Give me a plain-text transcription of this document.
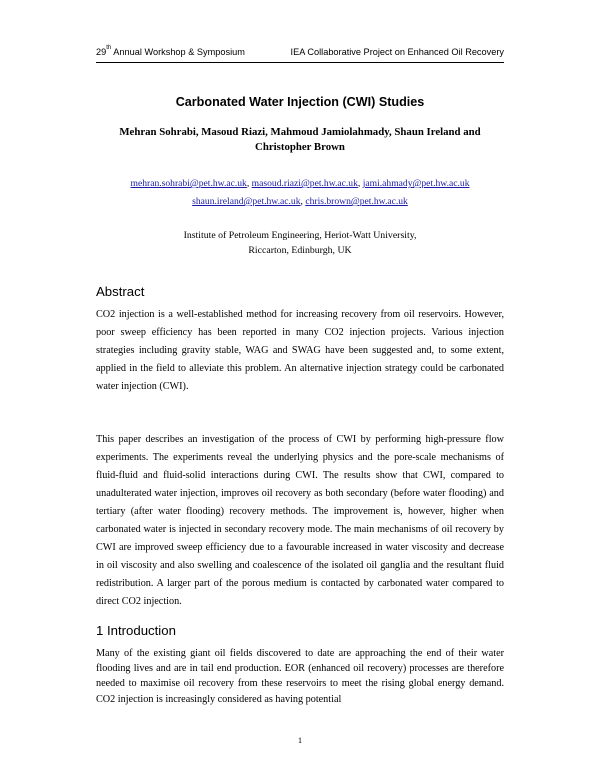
29th Annual Workshop & Symposium	IEA Collaborative Project on Enhanced Oil Recovery
Carbonated Water Injection (CWI) Studies
Mehran Sohrabi, Masoud Riazi, Mahmoud Jamiolahmady, Shaun Ireland and Christopher Brown
mehran.sohrabi@pet.hw.ac.uk, masoud.riazi@pet.hw.ac.uk, jami.ahmady@pet.hw.ac.uk
shaun.ireland@pet.hw.ac.uk, chris.brown@pet.hw.ac.uk
Institute of Petroleum Engineering, Heriot-Watt University,
Riccarton, Edinburgh, UK
Abstract
CO2 injection is a well-established method for increasing recovery from oil reservoirs. However, poor sweep efficiency has been reported in many CO2 injection projects. Various injection strategies including gravity stable, WAG and SWAG have been suggested and, to some extent, applied in the field to alleviate this problem. An alternative injection strategy could be carbonated water injection (CWI).
This paper describes an investigation of the process of CWI by performing high-pressure flow experiments. The experiments reveal the underlying physics and the pore-scale mechanisms of fluid-fluid and fluid-solid interactions during CWI. The results show that CWI, compared to unadulterated water injection, improves oil recovery as both secondary (before water flooding) and tertiary (after water flooding) recovery methods. The improvement is, however, higher when carbonated water is injected in secondary recovery mode. The main mechanisms of oil recovery by CWI are improved sweep efficiency due to a favourable increased in water viscosity and decrease in oil viscosity and also swelling and coalescence of the isolated oil ganglia and the resultant fluid redistribution. A larger part of the porous medium is contacted by carbonated water compared to direct CO2 injection.
1 Introduction
Many of the existing giant oil fields discovered to date are approaching the end of their water flooding lives and are in tail end production. EOR (enhanced oil recovery) processes are therefore needed to maximise oil recovery from these reservoirs to meet the rising global energy demand. CO2 injection is increasingly considered as having potential
1
